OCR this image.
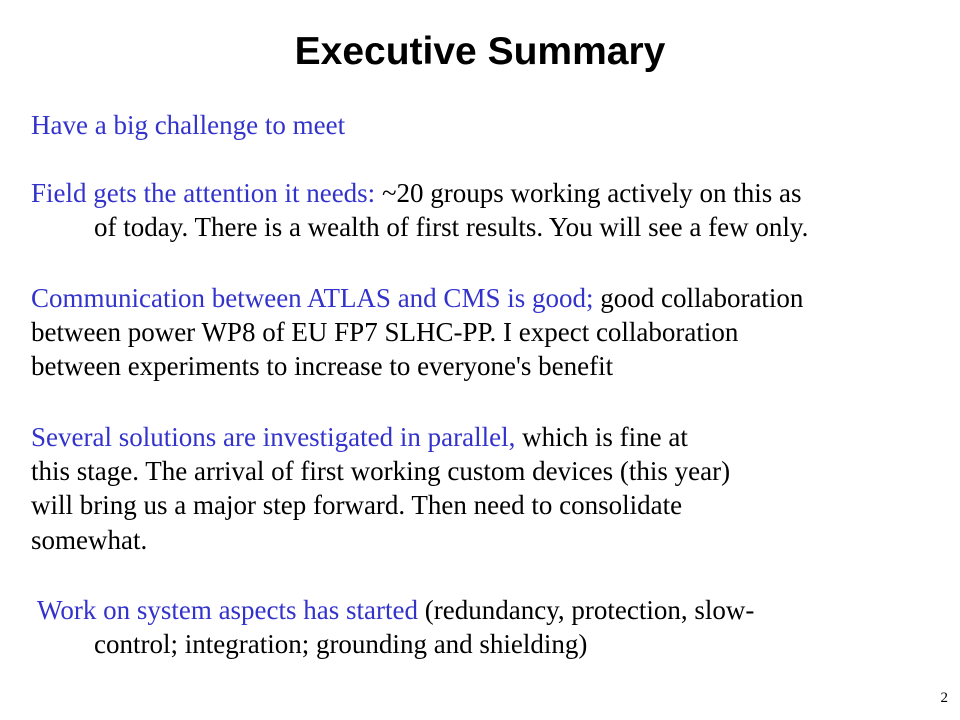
Executive Summary

Have a big challenge to meet

Field gets the attention it needs: ~20 groups working actively on this as

of today. There is a wealth of first results. You will see a few only.

Communication between ATLAS and CMS is good; good collaboration

between power WP8 of EU FP7 SLHC-PP. I expect collaboration

between experiments to increase to everyone's benefit

Several solutions are investigated in parallel, which is fine at

this stage. The arrival of first working custom devices (this year)

will bring us a major step forward. Then need to consolidate

somewhat.

Work on system aspects has started (redundancy, protection, slow-

control; integration; grounding and shielding)

2
